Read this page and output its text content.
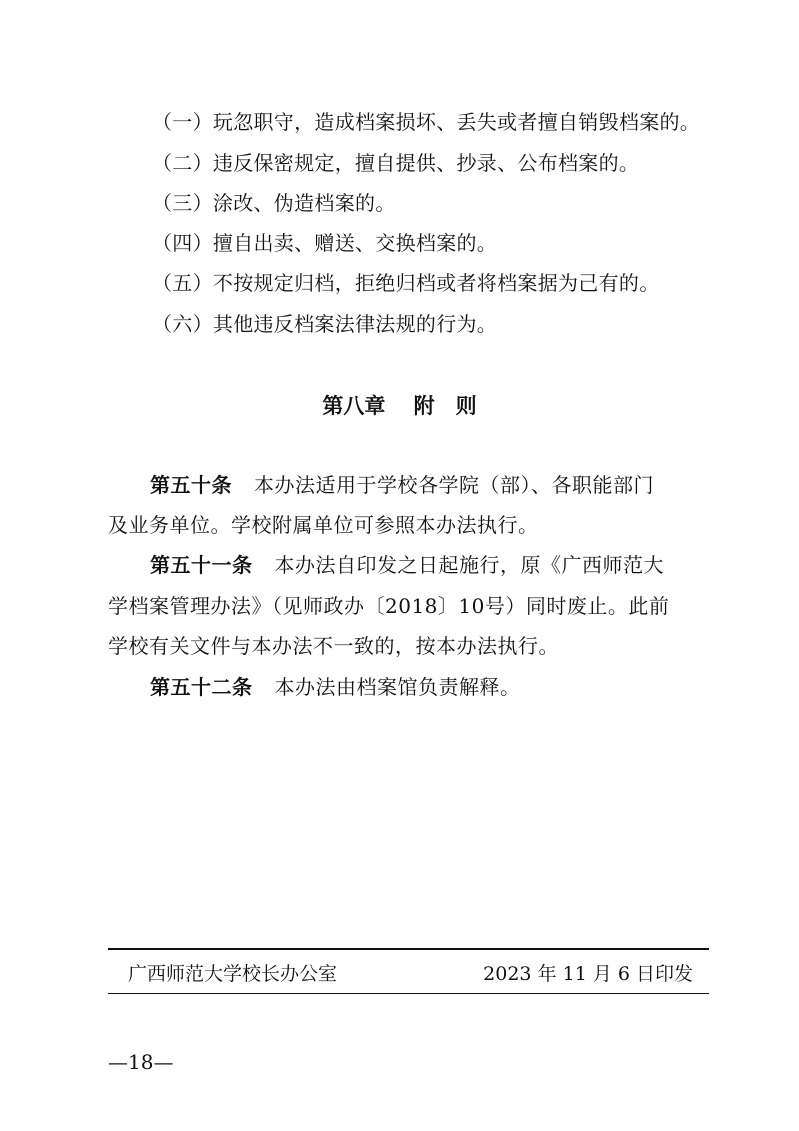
（一）玩忽职守，造成档案损坏、丢失或者擅自销毁档案的。
（二）违反保密规定，擅自提供、抄录、公布档案的。
（三）涂改、伪造档案的。
（四）擅自出卖、赠送、交换档案的。
（五）不按规定归档，拒绝归档或者将档案据为己有的。
（六）其他违反档案法律法规的行为。
第八章　 附　则
第五十条 本办法适用于学校各学院（部）、各职能部门
及业务单位。学校附属单位可参照本办法执行。
第五十一条 本办法自印发之日起施行，原《广西师范大
学档案管理办法》（见师政办〔2018〕10号）同时废止。此前
学校有关文件与本办法不一致的，按本办法执行。
第五十二条 本办法由档案馆负责解释。
广西师范大学校长办公室	2023 年 11 月 6 日印发
—18—
